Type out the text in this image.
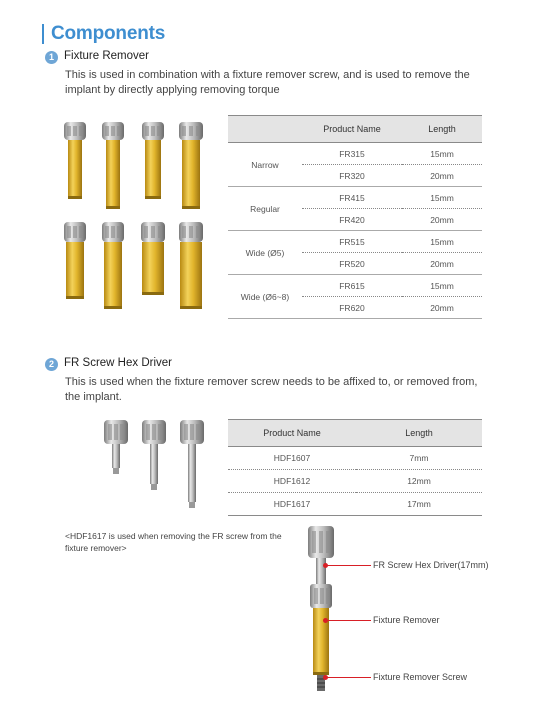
Components
1 Fixture Remover
This is used in combination with a fixture remover screw, and is used to remove the implant by directly applying removing torque
	Product Name	Length
Narrow	FR315	15mm
	FR320	20mm
Regular	FR415	15mm
	FR420	20mm
Wide (Ø5)	FR515	15mm
	FR520	20mm
Wide (Ø6~8)	FR615	15mm
	FR620	20mm
2 FR Screw Hex Driver
This is used when the fixture remover screw needs to be affixed to, or removed from, the implant.
Product Name	Length
HDF1607	7mm
HDF1612	12mm
HDF1617	17mm
<HDF1617 is used when removing the FR screw from the fixture remover>
FR Screw Hex Driver(17mm)
Fixture Remover
Fixture Remover Screw
